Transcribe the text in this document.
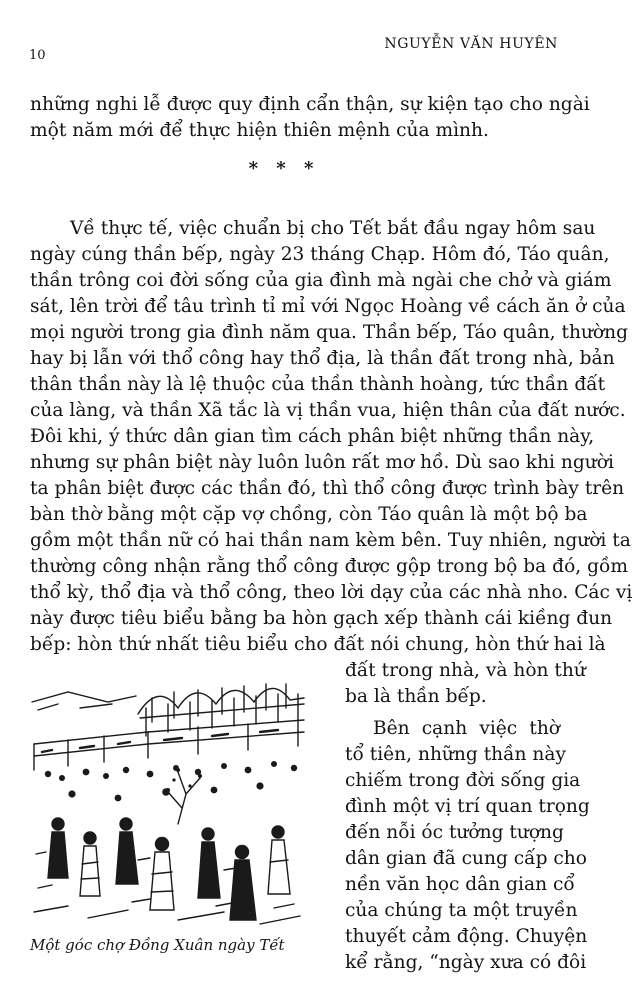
10
NGUYỄN VĂN HUYÊN
những nghi lễ được quy định cẩn thận, sự kiện tạo cho ngài
một năm mới để thực hiện thiên mệnh của mình.
* * *
Về thực tế, việc chuẩn bị cho Tết bắt đầu ngay hôm sau
ngày cúng thần bếp, ngày 23 tháng Chạp. Hôm đó, Táo quân,
thần trông coi đời sống của gia đình mà ngài che chở và giám
sát, lên trời để tâu trình tỉ mỉ với Ngọc Hoàng về cách ăn ở của
mọi người trong gia đình năm qua. Thần bếp, Táo quân, thường
hay bị lẫn với thổ công hay thổ địa, là thần đất trong nhà, bản
thân thần này là lệ thuộc của thần thành hoàng, tức thần đất
của làng, và thần Xã tắc là vị thần vua, hiện thân của đất nước.
Đôi khi, ý thức dân gian tìm cách phân biệt những thần này,
nhưng sự phân biệt này luôn luôn rất mơ hồ. Dù sao khi người
ta phân biệt được các thần đó, thì thổ công được trình bày trên
bàn thờ bằng một cặp vợ chồng, còn Táo quân là một bộ ba
gồm một thần nữ có hai thần nam kèm bên. Tuy nhiên, người ta
thường công nhận rằng thổ công được gộp trong bộ ba đó, gồm
thổ kỳ, thổ địa và thổ công, theo lời dạy của các nhà nho. Các vị
này được tiêu biểu bằng ba hòn gạch xếp thành cái kiềng đun
bếp: hòn thứ nhất tiêu biểu cho đất nói chung, hòn thứ hai là
đất trong nhà, và hòn thứ
ba là thần bếp.
Bên cạnh việc thờ
tổ tiên, những thần này
chiếm trong đời sống gia
đình một vị trí quan trọng
đến nỗi óc tưởng tượng
dân gian đã cung cấp cho
nền văn học dân gian cổ
của chúng ta một truyền
thuyết cảm động. Chuyện
kể rằng, “ngày xưa có đôi
Một góc chợ Đồng Xuân ngày Tết
